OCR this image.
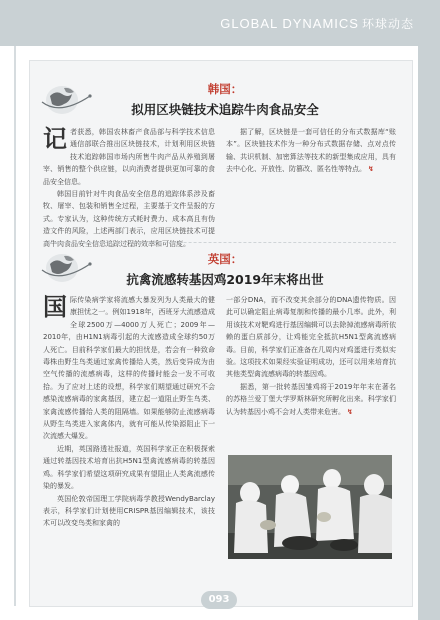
GLOBAL DYNAMICS 环球动态
韩国：
拟用区块链技术追踪牛肉食品安全

记者获悉，韩国农林畜产食品部与科学技术信息通信部联合推出区块链技术，计划利用区块链技术追踪韩国市场内所售牛肉产品从养殖到屠宰、销售的整个供应链，以向消费者提供更加可靠的食品安全信息。

韩国目前针对牛肉食品安全信息的追踪体系涉及畜牧、屠宰、包装和销售全过程，主要基于文件呈报的方式。专家认为，这种传统方式耗时费力、成本高且有伪造文件的风险，上述两部门表示，应用区块链技术可提高牛肉食品安全信息追踪过程的效率和可信度。

据了解，区块链是一套可信任的分布式数据库“账本”。区块链技术作为一种分布式数据存储、点对点传输、共识机制、加密算法等技术的新型集成应用，具有去中心化、开放性、防篡改、匿名性等特点。 ↯

英国：
抗禽流感转基因鸡2019年末将出世

国际传染病学家将流感大暴发列为人类最大的健康担忧之一。例如1918年，西班牙大流感造成全球2500万—4000万人死亡；2009年—2010年，由H1N1病毒引起的大流感造成全球约50万人死亡。目前科学家们最大的担忧是，若会有一种致命毒株由野生鸟类通过家禽传播给人类，然后变异成为由空气传播的流感病毒，这样的传播时能会一发不可收拾。为了应对上述的设想，科学家们期望通过研究不会感染流感病毒的家禽基因，建立起一道阻止野生鸟类、家禽流感传播给人类的阻隔墙。如果能够防止流感病毒从野生鸟类进入家禽体内，就有可能从传染源阻止下一次流感大爆发。

近期，英国路透社报道，英国科学家正在积极探索通过转基因技术培育出抗H5N1型禽流感病毒的转基因鸡。科学家们希望这项研究成果有望阻止人类禽流感传染的暴发。

英国伦敦帝国理工学院病毒学教授WendyBarclay表示，科学家们计划使用CRISPR基因编辑技术，该技术可以改变鸟类和家禽的

一部分DNA，而不改变其余部分的DNA遗传物质。因此可以确定阻止病毒复制和传播的最小几率。此外，利用该技术对靶鸡进行基因编辑可以去除掉流感病毒所依赖的蛋白质部分，让鸡能完全抵抗H5N1型禽流感病毒。目前，科学家们正准备在几周内对鸡蛋进行类似实验。这项技术如果经实验证明成功，还可以用来培育抗其他类型禽流感病毒的转基因鸡。

据悉，第一批转基因雏鸡将于2019年年末在著名的苏格兰爱丁堡大学罗斯林研究所孵化出来。科学家们认为转基因小鸡不会对人类带来危害。 ↯

093
